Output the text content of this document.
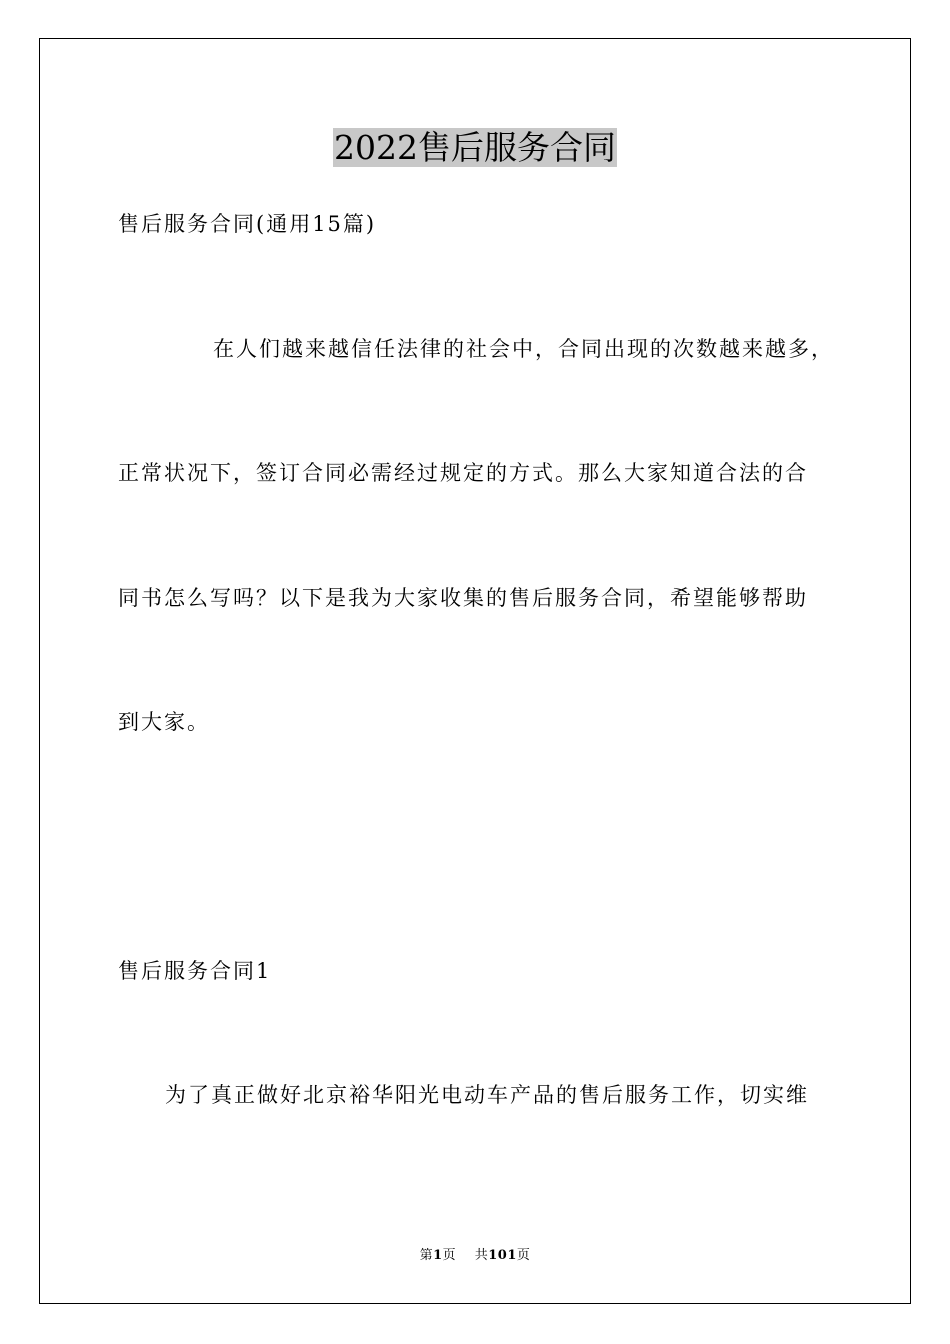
2022售后服务合同
售后服务合同(通用15篇)
在人们越来越信任法律的社会中，合同出现的次数越来越多，
正常状况下，签订合同必需经过规定的方式。那么大家知道合法的合
同书怎么写吗？以下是我为大家收集的售后服务合同，希望能够帮助
到大家。
售后服务合同1
为了真正做好北京裕华阳光电动车产品的售后服务工作，切实维
第1页 共101页
